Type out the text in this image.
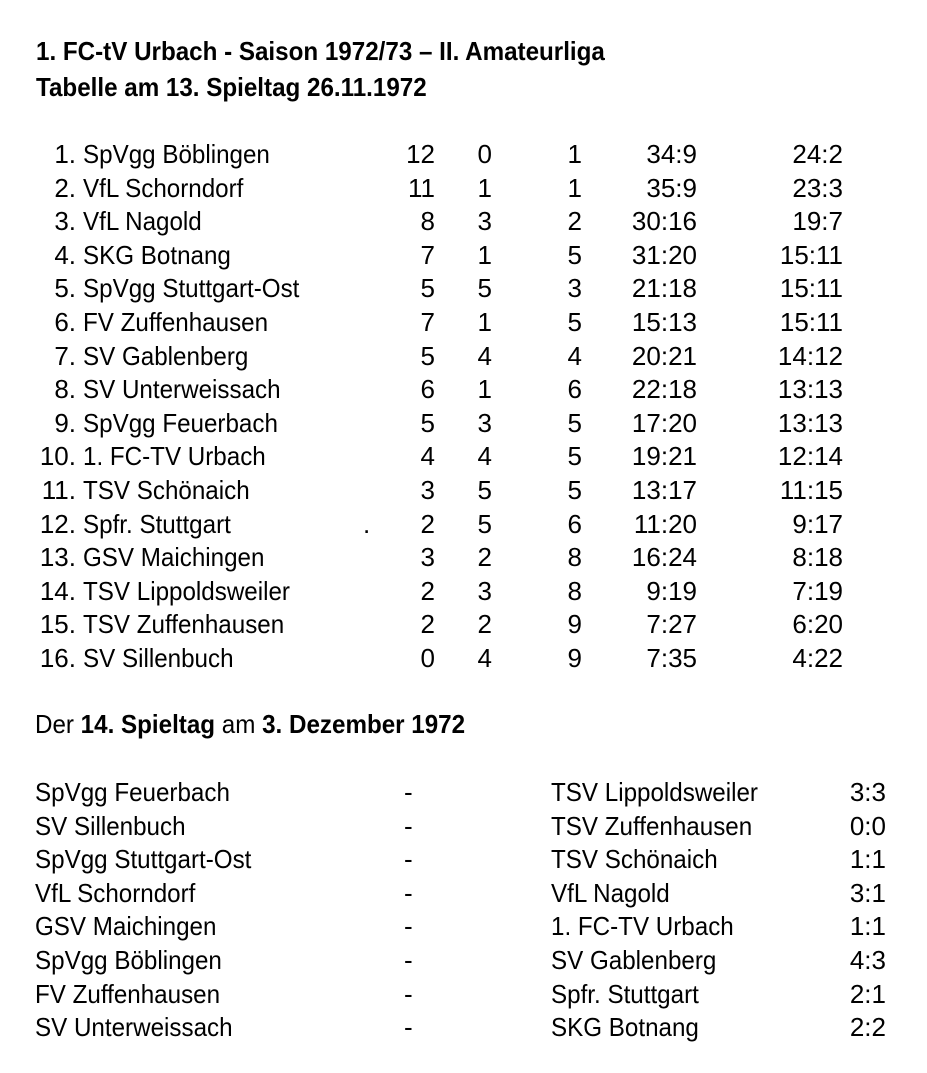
1. FC-tV Urbach - Saison 1972/73 – II. Amateurliga
Tabelle am 13. Spieltag 26.11.1972
1. SpVgg Böblingen	12 0	1 34:9	24:2
2. VfL Schorndorf	11 1	1 35:9	23:3
3. VfL Nagold	8 3	2 30:16	19:7
4. SKG Botnang	7 1	5 31:20	15:11
5. SpVgg Stuttgart-Ost	5 5	3 21:18	15:11
6. FV Zuffenhausen	7 1	5 15:13	15:11
7. SV Gablenberg	5 4	4 20:21	14:12
8. SV Unterweissach	6 1	6 22:18	13:13
9. SpVgg Feuerbach	5 3	5 17:20	13:13
10. 1. FC-TV Urbach	4 4	5 19:21	12:14
11. TSV Schönaich	3 5	5 13:17	11:15
12. Spfr. Stuttgart	. 2 5	6 11:20	9:17
13. GSV Maichingen	3 2	8 16:24	8:18
14. TSV Lippoldsweiler	2 3	8 9:19	7:19
15. TSV Zuffenhausen	2 2	9 7:27	6:20
16. SV Sillenbuch	0 4	9 7:35	4:22
Der 14. Spieltag am 3. Dezember 1972
SpVgg Feuerbach	-	TSV Lippoldsweiler	3:3
SV Sillenbuch	-	TSV Zuffenhausen	0:0
SpVgg Stuttgart-Ost	-	TSV Schönaich	1:1
VfL Schorndorf	-	VfL Nagold	3:1
GSV Maichingen	-	1. FC-TV Urbach	1:1
SpVgg Böblingen	-	SV Gablenberg	4:3
FV Zuffenhausen	-	Spfr. Stuttgart	2:1
SV Unterweissach	-	SKG Botnang	2:2
